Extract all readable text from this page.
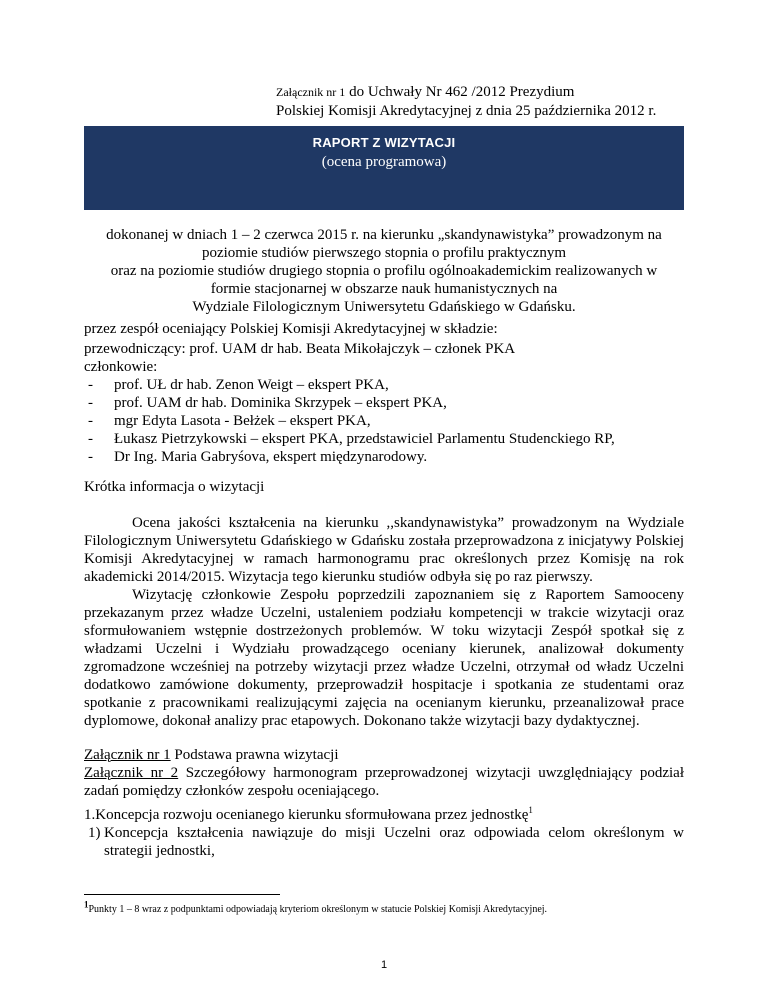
Załącznik nr 1 do Uchwały Nr 462 /2012 Prezydium
Polskiej Komisji Akredytacyjnej z dnia 25 października 2012 r.
RAPORT Z WIZYTACJI
(ocena programowa)
dokonanej w dniach 1 – 2 czerwca 2015 r. na kierunku „skandynawistyka” prowadzonym na
poziomie studiów pierwszego stopnia o profilu praktycznym
oraz na poziomie studiów drugiego stopnia o profilu ogólnoakademickim realizowanych w
formie stacjonarnej w obszarze nauk humanistycznych na
Wydziale Filologicznym Uniwersytetu Gdańskiego w Gdańsku.
przez zespół oceniający Polskiej Komisji Akredytacyjnej w składzie:
przewodniczący: prof. UAM dr hab. Beata Mikołajczyk – członek PKA
członkowie:
- prof. UŁ dr hab. Zenon Weigt – ekspert PKA,
- prof. UAM dr hab. Dominika Skrzypek – ekspert PKA,
- mgr Edyta Lasota - Bełżek – ekspert PKA,
- Łukasz Pietrzykowski – ekspert PKA, przedstawiciel Parlamentu Studenckiego RP,
- Dr Ing. Maria Gabryśova, ekspert międzynarodowy.
Krótka informacja o wizytacji
Ocena jakości kształcenia na kierunku ,,skandynawistyka” prowadzonym na Wydziale Filologicznym Uniwersytetu Gdańskiego w Gdańsku została przeprowadzona z inicjatywy Polskiej Komisji Akredytacyjnej w ramach harmonogramu prac określonych przez Komisję na rok akademicki 2014/2015. Wizytacja tego kierunku studiów odbyła się po raz pierwszy.
Wizytację członkowie Zespołu poprzedzili zapoznaniem się z Raportem Samooceny przekazanym przez władze Uczelni, ustaleniem podziału kompetencji w trakcie wizytacji oraz sformułowaniem wstępnie dostrzeżonych problemów. W toku wizytacji Zespół spotkał się z władzami Uczelni i Wydziału prowadzącego oceniany kierunek, analizował dokumenty zgromadzone wcześniej na potrzeby wizytacji przez władze Uczelni, otrzymał od władz Uczelni dodatkowo zamówione dokumenty, przeprowadził hospitacje i spotkania ze studentami oraz spotkanie z pracownikami realizującymi zajęcia na ocenianym kierunku, przeanalizował prace dyplomowe, dokonał analizy prac etapowych. Dokonano także wizytacji bazy dydaktycznej.
Załącznik nr 1 Podstawa prawna wizytacji
Załącznik nr 2 Szczegółowy harmonogram przeprowadzonej wizytacji uwzględniający podział zadań pomiędzy członków zespołu oceniającego.
1.Koncepcja rozwoju ocenianego kierunku sformułowana przez jednostkę$^1$
1) Koncepcja kształcenia nawiązuje do misji Uczelni oraz odpowiada celom określonym w strategii jednostki,
$^1$Punkty 1 – 8 wraz z podpunktami odpowiadają kryteriom określonym w statucie Polskiej Komisji Akredytacyjnej.
1
